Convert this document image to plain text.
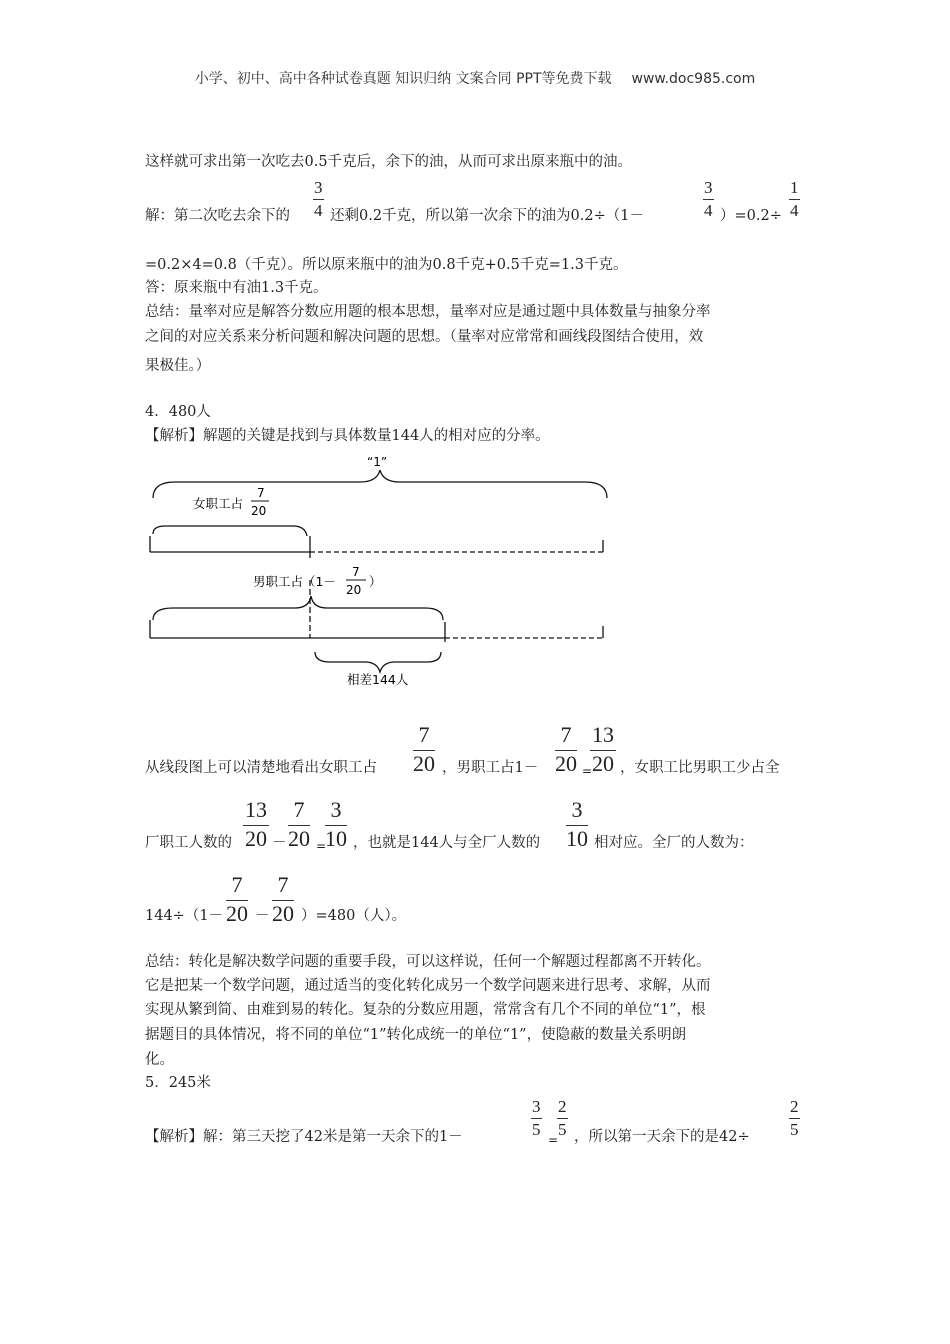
小学、初中、高中各种试卷真题 知识归纳 文案合同 PPT等免费下载 www.doc985.com
这样就可求出第一次吃去0.5千克后，余下的油，从而可求出原来瓶中的油。
解：第二次吃去余下的
3
4 还剩0.2千克，所以第一次余下的油为0.2÷（1－
3
4 ）=0.2÷
1
4
=0.2×4=0.8（千克）。所以原来瓶中的油为0.8千克+0.5千克=1.3千克。
答：原来瓶中有油1.3千克。
总结：量率对应是解答分数应用题的根本思想，量率对应是通过题中具体数量与抽象分率
之间的对应关系来分析问题和解决问题的思想。（量率对应常常和画线段图结合使用，效
果极佳。）
4．480人
【解析】解题的关键是找到与具体数量144人的相对应的分率。
“1”
女职工占
7
20
男职工占（1－
7
20
）
相差144人
从线段图上可以清楚地看出女职工占
7
20 ，男职工占1－
7
20 =
13
20 ，女职工比男职工少占全
厂职工人数的
13
20 －
7
20 =
3
10 ，也就是144人与全厂人数的
3
10 相对应。全厂的人数为：
144÷（1－
7
20 －
7
20 ）=480（人）。
总结：转化是解决数学问题的重要手段，可以这样说，任何一个解题过程都离不开转化。
它是把某一个数学问题，通过适当的变化转化成另一个数学问题来进行思考、求解，从而
实现从繁到简、由难到易的转化。复杂的分数应用题，常常含有几个不同的单位“1”，根
据题目的具体情况，将不同的单位“1”转化成统一的单位“1”，使隐蔽的数量关系明朗
化。
5．245米
【解析】解：第三天挖了42米是第一天余下的1－
3
5
=
2
5 ，所以第一天余下的是42÷
2
5
